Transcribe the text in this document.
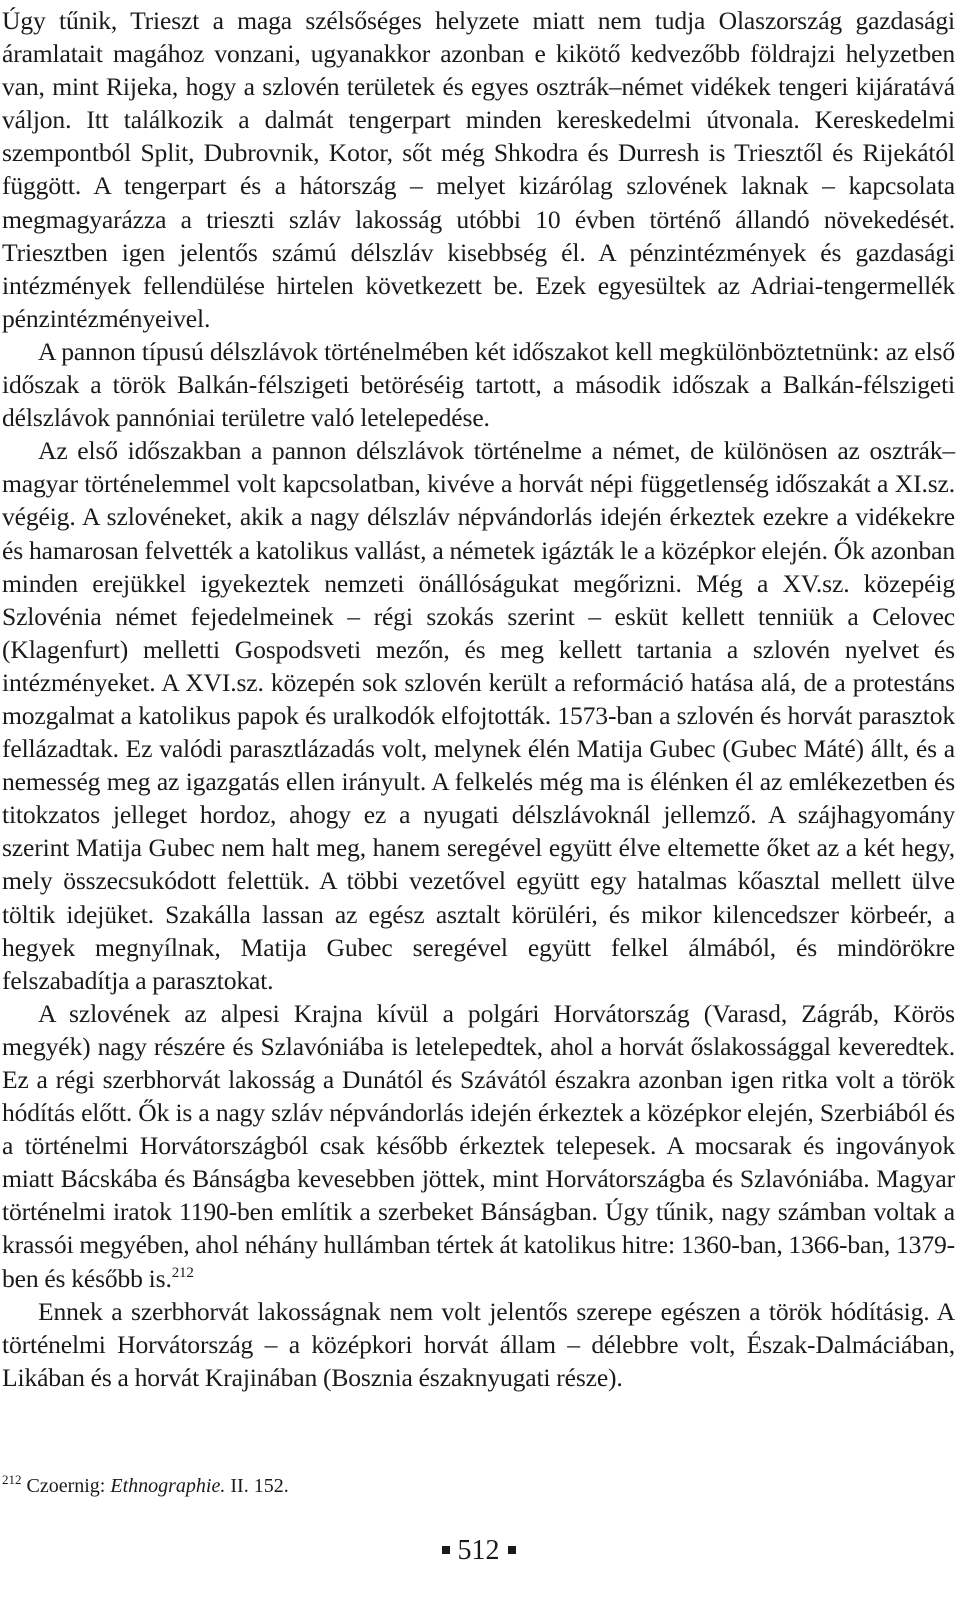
Úgy tűnik, Trieszt a maga szélsőséges helyzete miatt nem tudja Olaszország gazdasági áramlatait magához vonzani, ugyanakkor azonban e kikötő kedvezőbb földrajzi helyzetben van, mint Rijeka, hogy a szlovén területek és egyes osztrák–német vidékek tengeri kijáratává váljon. Itt találkozik a dalmát tengerpart minden kereskedelmi útvonala. Kereskedelmi szempontból Split, Dubrovnik, Kotor, sőt még Shkodra és Durresh is Triesztől és Rijekától függött. A tengerpart és a hátország – melyet kizárólag szlovének laknak – kapcsolata megmagyarázza a trieszti szláv lakosság utóbbi 10 évben történő állandó növekedését. Triesztben igen jelentős számú délszláv kisebbség él. A pénzintézmények és gazdasági intézmények fellendülése hirtelen következett be. Ezek egyesültek az Adriai-tengermellék pénzintézményeivel.

A pannon típusú délszlávok történelmében két időszakot kell megkülönböztetnünk: az első időszak a török Balkán-félszigeti betöréséig tartott, a második időszak a Balkán-félszigeti délszlávok pannóniai területre való letelepedése.

Az első időszakban a pannon délszlávok történelme a német, de különösen az osztrák–magyar történelemmel volt kapcsolatban, kivéve a horvát népi függetlenség időszakát a XI.sz. végéig. A szlovéneket, akik a nagy délszláv népvándorlás idején érkeztek ezekre a vidékekre és hamarosan felvették a katolikus vallást, a németek igázták le a középkor elején. Ők azonban minden erejükkel igyekeztek nemzeti önállóságukat megőrizni. Még a XV.sz. közepéig Szlovénia német fejedelmeinek – régi szokás szerint – esküt kellett tenniük a Celovec (Klagenfurt) melletti Gospodsveti mezőn, és meg kellett tartania a szlovén nyelvet és intézményeket. A XVI.sz. közepén sok szlovén került a reformáció hatása alá, de a protestáns mozgalmat a katolikus papok és uralkodók elfojtották. 1573-ban a szlovén és horvát parasztok fellázadtak. Ez valódi parasztlázadás volt, melynek élén Matija Gubec (Gubec Máté) állt, és a nemesség meg az igazgatás ellen irányult. A felkelés még ma is élénken él az emlékezetben és titokzatos jelleget hordoz, ahogy ez a nyugati délszlávoknál jellemző. A szájhagyomány szerint Matija Gubec nem halt meg, hanem seregével együtt élve eltemette őket az a két hegy, mely összecsukódott felettük. A többi vezetővel együtt egy hatalmas kőasztal mellett ülve töltik idejüket. Szakálla lassan az egész asztalt körüléri, és mikor kilencedszer körbeér, a hegyek megnyílnak, Matija Gubec seregével együtt felkel álmából, és mindörökre felszabadítja a parasztokat.

A szlovének az alpesi Krajna kívül a polgári Horvátország (Varasd, Zágráb, Körös megyék) nagy részére és Szlavóniába is letelepedtek, ahol a horvát őslakossággal keveredtek. Ez a régi szerbhorvát lakosság a Dunától és Szávától északra azonban igen ritka volt a török hódítás előtt. Ők is a nagy szláv népvándorlás idején érkeztek a középkor elején, Szerbiából és a történelmi Horvátországból csak később érkeztek telepesek. A mocsarak és ingoványok miatt Bácskába és Bánságba kevesebben jöttek, mint Horvátországba és Szlavóniába. Magyar történelmi iratok 1190-ben említik a szerbeket Bánságban. Úgy tűnik, nagy számban voltak a krassói megyében, ahol néhány hullámban tértek át katolikus hitre: 1360-ban, 1366-ban, 1379-ben és később is.$^{212}$

Ennek a szerbhorvát lakosságnak nem volt jelentős szerepe egészen a török hódításig. A történelmi Horvátország – a középkori horvát állam – délebbre volt, Észak-Dalmáciában, Likában és a horvát Krajinában (Bosznia északnyugati része).

$^{212}$ Czoernig: Ethnographie. II. 152.

512
